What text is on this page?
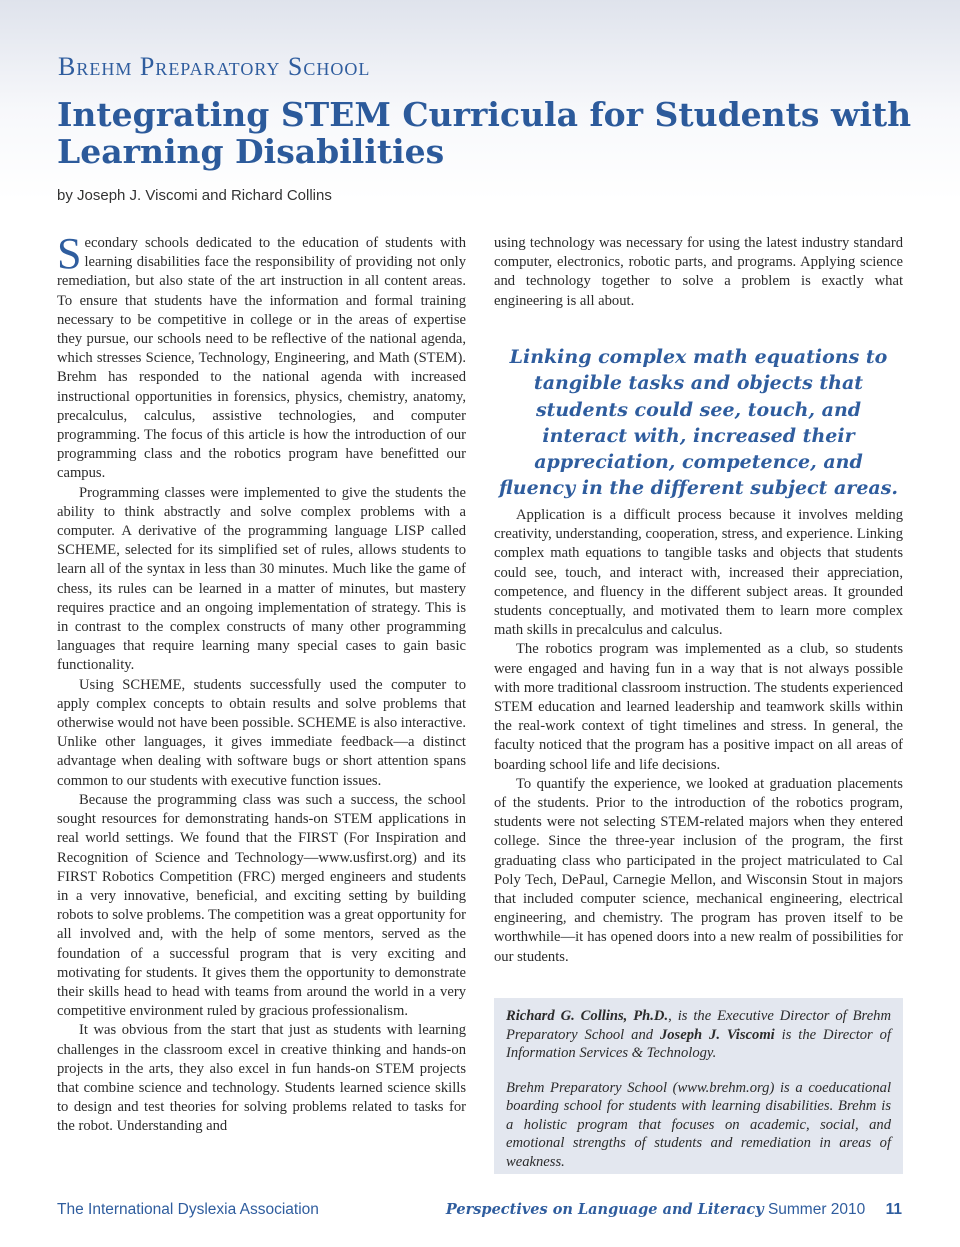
Brehm Preparatory School
Integrating STEM Curricula for Students with Learning Disabilities
by Joseph J. Viscomi and Richard Collins

Secondary schools dedicated to the education of students with learning disabilities face the responsibility of providing not only remediation, but also state of the art instruction in all content areas. To ensure that students have the information and formal training necessary to be competitive in college or in the areas of expertise they pursue, our schools need to be reflective of the national agenda, which stresses Science, Technology, Engineering, and Math (STEM). Brehm has responded to the national agenda with increased instructional opportunities in forensics, physics, chemistry, anatomy, precalculus, calculus, assistive technologies, and computer programming. The focus of this article is how the introduction of our programming class and the robotics program have benefitted our campus.

Programming classes were implemented to give the students the ability to think abstractly and solve complex problems with a computer. A derivative of the programming language LISP called SCHEME, selected for its simplified set of rules, allows students to learn all of the syntax in less than 30 minutes. Much like the game of chess, its rules can be learned in a matter of minutes, but mastery requires practice and an ongoing implementation of strategy. This is in contrast to the complex constructs of many other programming languages that require learning many special cases to gain basic functionality.

Using SCHEME, students successfully used the computer to apply complex concepts to obtain results and solve problems that otherwise would not have been possible. SCHEME is also interactive. Unlike other languages, it gives immediate feedback—a distinct advantage when dealing with software bugs or short attention spans common to our students with executive function issues.

Because the programming class was such a success, the school sought resources for demonstrating hands-on STEM applications in real world settings. We found that the FIRST (For Inspiration and Recognition of Science and Technology—www.usfirst.org) and its FIRST Robotics Competition (FRC) merged engineers and students in a very innovative, beneficial, and exciting setting by building robots to solve problems. The competition was a great opportunity for all involved and, with the help of some mentors, served as the foundation of a successful program that is very exciting and motivating for students. It gives them the opportunity to demonstrate their skills head to head with teams from around the world in a very competitive environment ruled by gracious professionalism.

It was obvious from the start that just as students with learning challenges in the classroom excel in creative thinking and hands-on projects in the arts, they also excel in fun hands-on STEM projects that combine science and technology. Students learned science skills to design and test theories for solving problems related to tasks for the robot. Understanding and

using technology was necessary for using the latest industry standard computer, electronics, robotic parts, and programs. Applying science and technology together to solve a problem is exactly what engineering is all about.

Linking complex math equations to tangible tasks and objects that students could see, touch, and interact with, increased their appreciation, competence, and fluency in the different subject areas.

Application is a difficult process because it involves melding creativity, understanding, cooperation, stress, and experience. Linking complex math equations to tangible tasks and objects that students could see, touch, and interact with, increased their appreciation, competence, and fluency in the different subject areas. It grounded students conceptually, and motivated them to learn more complex math skills in precalculus and calculus.

The robotics program was implemented as a club, so students were engaged and having fun in a way that is not always possible with more traditional classroom instruction. The students experienced STEM education and learned leadership and teamwork skills within the real-work context of tight timelines and stress. In general, the faculty noticed that the program has a positive impact on all areas of boarding school life and life decisions.

To quantify the experience, we looked at graduation placements of the students. Prior to the introduction of the robotics program, students were not selecting STEM-related majors when they entered college. Since the three-year inclusion of the program, the first graduating class who participated in the project matriculated to Cal Poly Tech, DePaul, Carnegie Mellon, and Wisconsin Stout in majors that included computer science, mechanical engineering, electrical engineering, and chemistry. The program has proven itself to be worthwhile—it has opened doors into a new realm of possibilities for our students.

Richard G. Collins, Ph.D., is the Executive Director of Brehm Preparatory School and Joseph J. Viscomi is the Director of Information Services & Technology.

Brehm Preparatory School (www.brehm.org) is a coeducational boarding school for students with learning disabilities. Brehm is a holistic program that focuses on academic, social, and emotional strengths of students and remediation in areas of weakness.

The International Dyslexia Association	Perspectives on Language and Literacy Summer 2010 11
